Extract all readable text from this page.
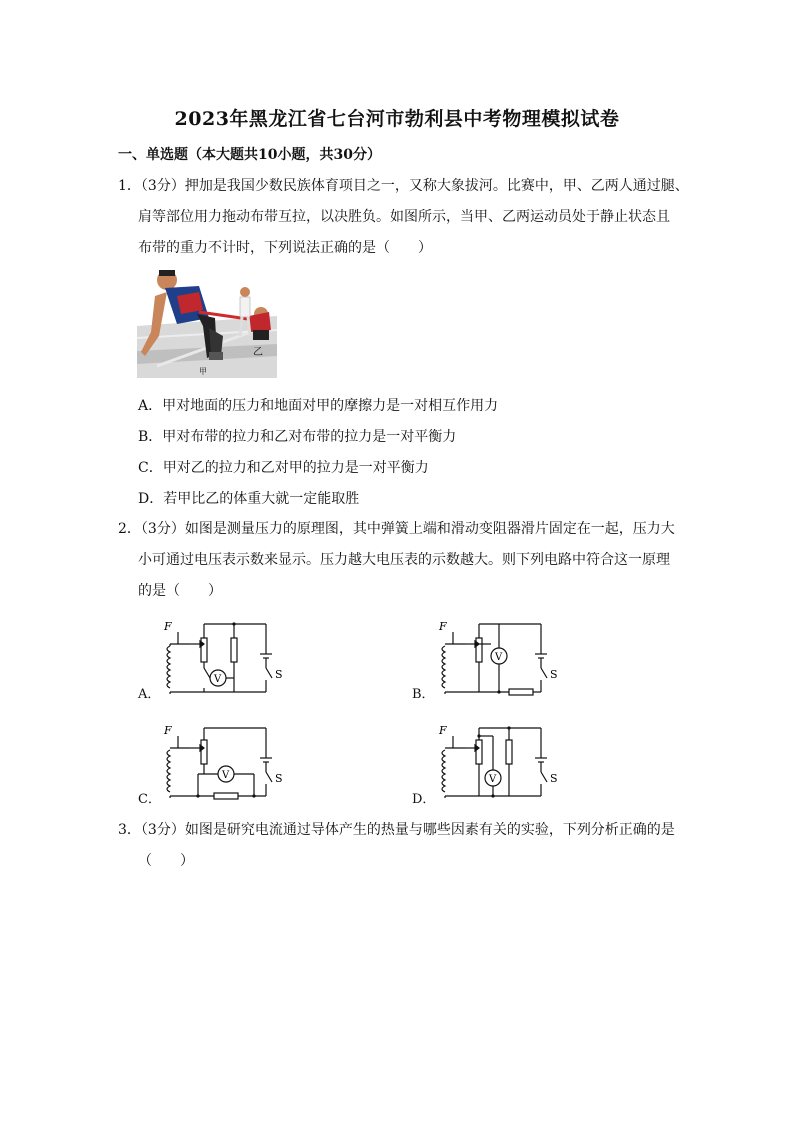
2023年黑龙江省七台河市勃利县中考物理模拟试卷
一、单选题（本大题共10小题，共30分）
1．（3分）押加是我国少数民族体育项目之一，又称大象拔河。比赛中，甲、乙两人通过腿、
肩等部位用力拖动布带互拉，以决胜负。如图所示，当甲、乙两运动员处于静止状态且
布带的重力不计时，下列说法正确的是（　　）
乙
甲
A．甲对地面的压力和地面对甲的摩擦力是一对相互作用力
B．甲对布带的拉力和乙对布带的拉力是一对平衡力
C．甲对乙的拉力和乙对甲的拉力是一对平衡力
D．若甲比乙的体重大就一定能取胜
2．（3分）如图是测量压力的原理图，其中弹簧上端和滑动变阻器滑片固定在一起，压力大
小可通过电压表示数来显示。压力越大电压表的示数越大。则下列电路中符合这一原理
的是（　　）
A．
V	S
F
B．
V
S
F
C．
V	S
F
D．
V	S
F
3．（3分）如图是研究电流通过导体产生的热量与哪些因素有关的实验，下列分析正确的是
（　　）
